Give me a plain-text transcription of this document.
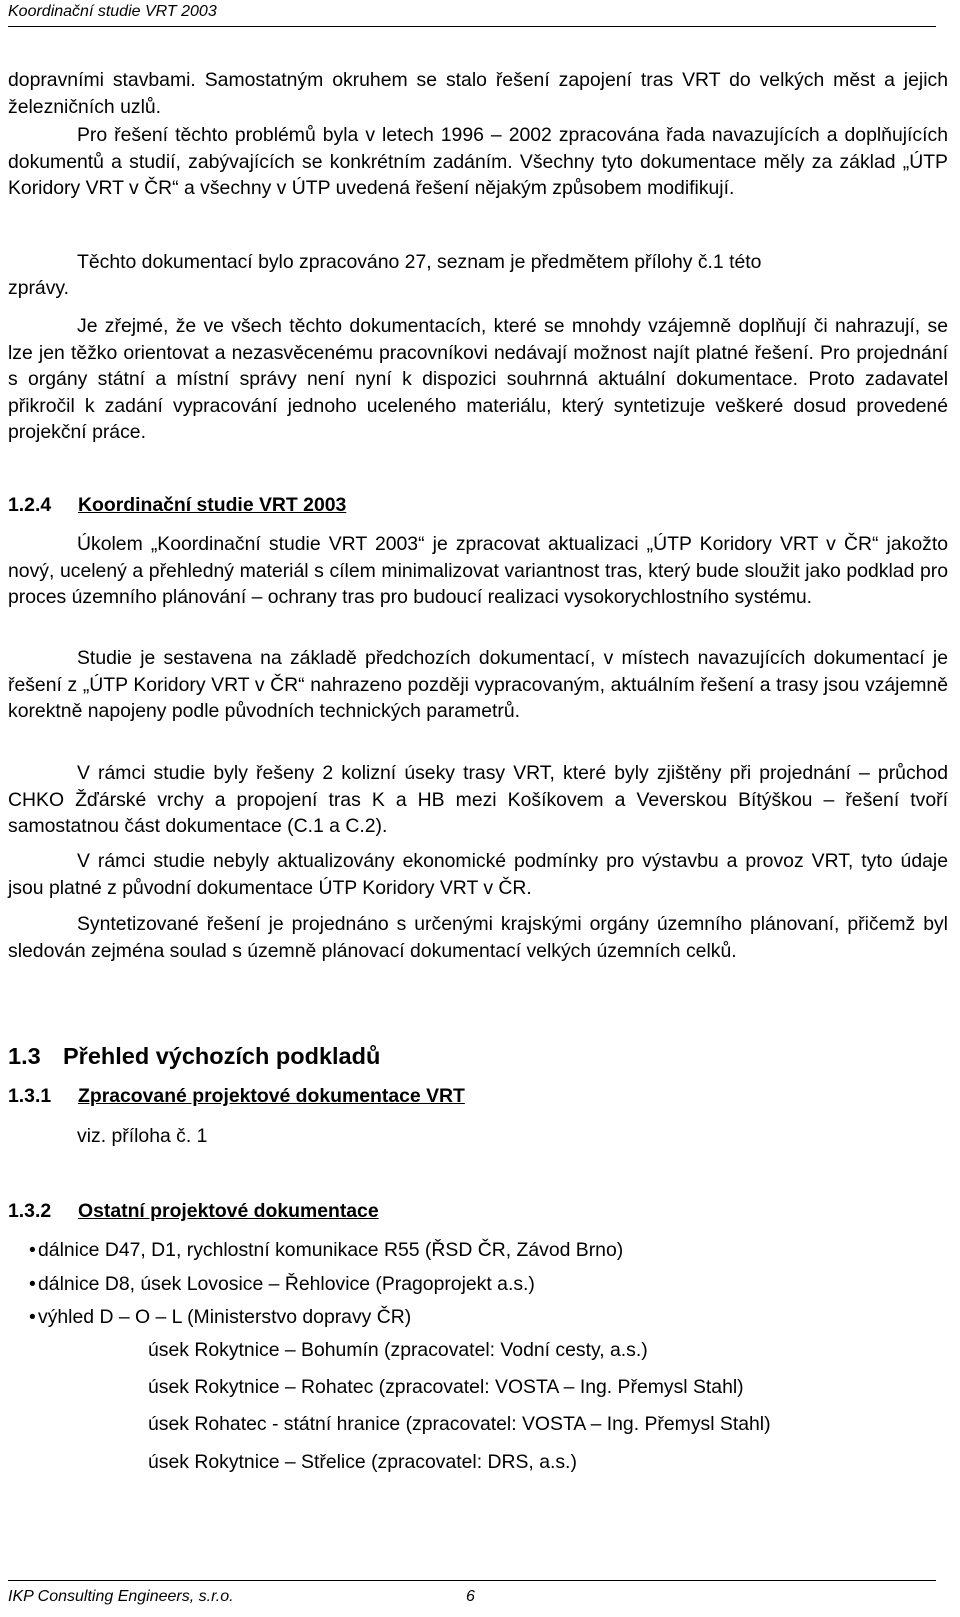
Koordinační studie VRT 2003

dopravními stavbami. Samostatným okruhem se stalo řešení zapojení tras VRT do velkých měst a jejich železničních uzlů.

Pro řešení těchto problémů byla v letech 1996 – 2002 zpracována řada navazujících a doplňujících dokumentů a studií, zabývajících se konkrétním zadáním. Všechny tyto dokumentace měly za základ „ÚTP Koridory VRT v ČR“ a všechny v ÚTP uvedená řešení nějakým způsobem modifikují.

Těchto dokumentací bylo zpracováno 27, seznam je předmětem přílohy č.1 této

zprávy.

Je zřejmé, že ve všech těchto dokumentacích, které se mnohdy vzájemně doplňují či nahrazují, se lze jen těžko orientovat a nezasvěcenému pracovníkovi nedávají možnost najít platné řešení. Pro projednání s orgány státní a místní správy není nyní k dispozici souhrnná aktuální dokumentace. Proto zadavatel přikročil k zadání vypracování jednoho uceleného materiálu, který syntetizuje veškeré dosud provedené projekční práce.

1.2.4 Koordinační studie VRT 2003

Úkolem „Koordinační studie VRT 2003“ je zpracovat aktualizaci „ÚTP Koridory VRT v ČR“ jakožto nový, ucelený a přehledný materiál s cílem minimalizovat variantnost tras, který bude sloužit jako podklad pro proces územního plánování – ochrany tras pro budoucí realizaci vysokorychlostního systému.

Studie je sestavena na základě předchozích dokumentací, v místech navazujících dokumentací je řešení z „ÚTP Koridory VRT v ČR“ nahrazeno později vypracovaným, aktuálním řešení a trasy jsou vzájemně korektně napojeny podle původních technických parametrů.

V rámci studie byly řešeny 2 kolizní úseky trasy VRT, které byly zjištěny při projednání – průchod CHKO Žďárské vrchy a propojení tras K a HB mezi Košíkovem a Veverskou Bítýškou – řešení tvoří samostatnou část dokumentace (C.1 a C.2).

V rámci studie nebyly aktualizovány ekonomické podmínky pro výstavbu a provoz VRT, tyto údaje jsou platné z původní dokumentace ÚTP Koridory VRT v ČR.

Syntetizované řešení je projednáno s určenými krajskými orgány územního plánovaní, přičemž byl sledován zejména soulad s územně plánovací dokumentací velkých územních celků.

1.3 Přehled výchozích podkladů
1.3.1 Zpracované projektové dokumentace VRT

viz. příloha č. 1

1.3.2 Ostatní projektové dokumentace

•dálnice D47, D1, rychlostní komunikace R55 (ŘSD ČR, Závod Brno)

•dálnice D8, úsek Lovosice – Řehlovice (Pragoprojekt a.s.)

•výhled D – O – L (Ministerstvo dopravy ČR)

úsek Rokytnice – Bohumín (zpracovatel: Vodní cesty, a.s.)

úsek Rokytnice – Rohatec (zpracovatel: VOSTA – Ing. Přemysl Stahl)

úsek Rohatec - státní hranice (zpracovatel: VOSTA – Ing. Přemysl Stahl)

úsek Rokytnice – Střelice (zpracovatel: DRS, a.s.)

IKP Consulting Engineers, s.r.o.	6
